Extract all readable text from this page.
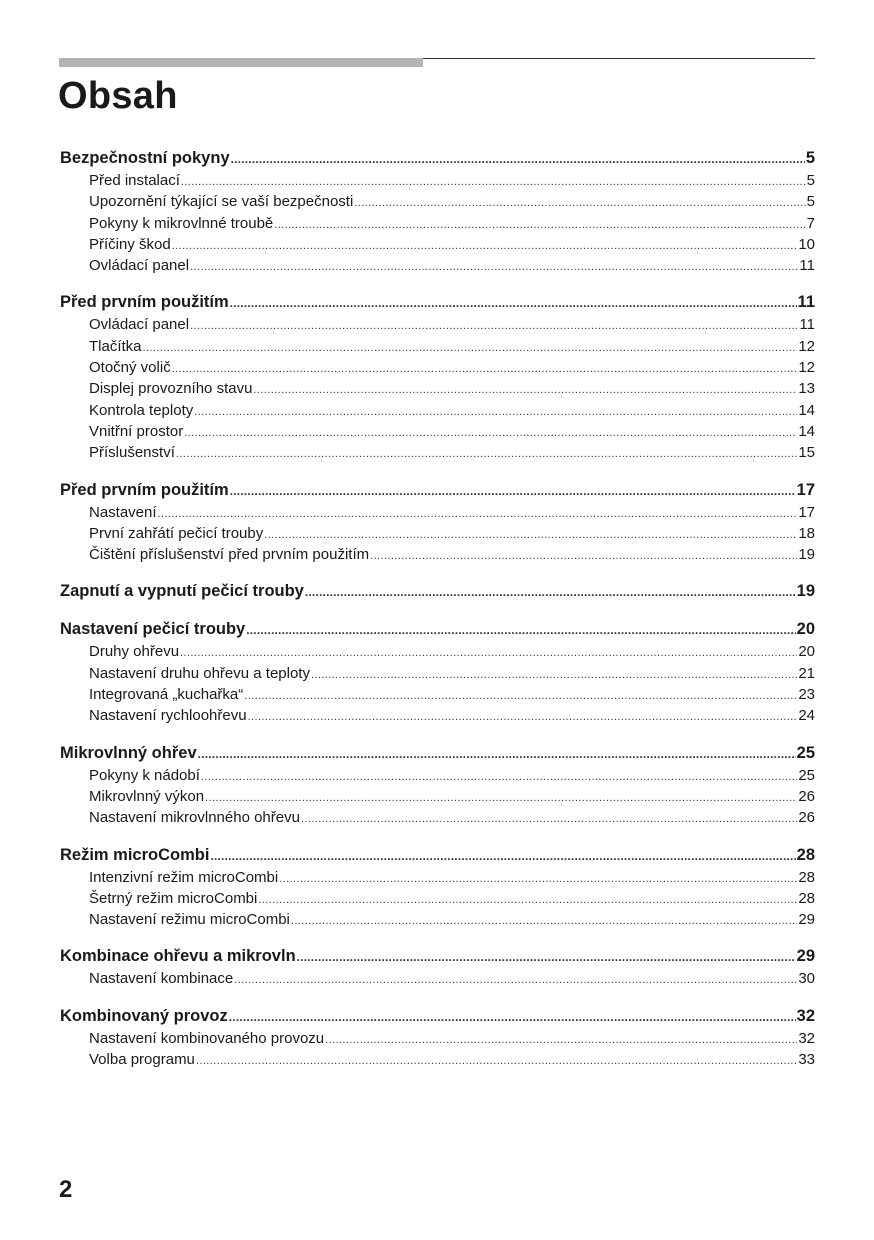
Obsah
Bezpečnostní pokyny .....	5
Před instalací .....	5
Upozornění týkající se vaší bezpečnosti .....	5
Pokyny k mikrovlnné troubě .....	7
Příčiny škod .....	10
Ovládací panel .....	11
Před prvním použitím .....	11
Ovládací panel .....	11
Tlačítka .....	12
Otočný volič .....	12
Displej provozního stavu .....	13
Kontrola teploty .....	14
Vnitřní prostor .....	14
Příslušenství .....	15
Před prvním použitím .....	17
Nastavení .....	17
První zahřátí pečicí trouby .....	18
Čištění příslušenství před prvním použitím .....	19
Zapnutí a vypnutí pečicí trouby .....	19
Nastavení pečicí trouby .....	20
Druhy ohřevu .....	20
Nastavení druhu ohřevu a teploty .....	21
Integrovaná „kuchařka“ .....	23
Nastavení rychloohřevu .....	24
Mikrovlnný ohřev .....	25
Pokyny k nádobí .....	25
Mikrovlnný výkon .....	26
Nastavení mikrovlnného ohřevu .....	26
Režim microCombi .....	28
Intenzivní režim microCombi .....	28
Šetrný režim microCombi .....	28
Nastavení režimu microCombi .....	29
Kombinace ohřevu a mikrovln .....	29
Nastavení kombinace .....	30
Kombinovaný provoz .....	32
Nastavení kombinovaného provozu .....	32
Volba programu .....	33
2
